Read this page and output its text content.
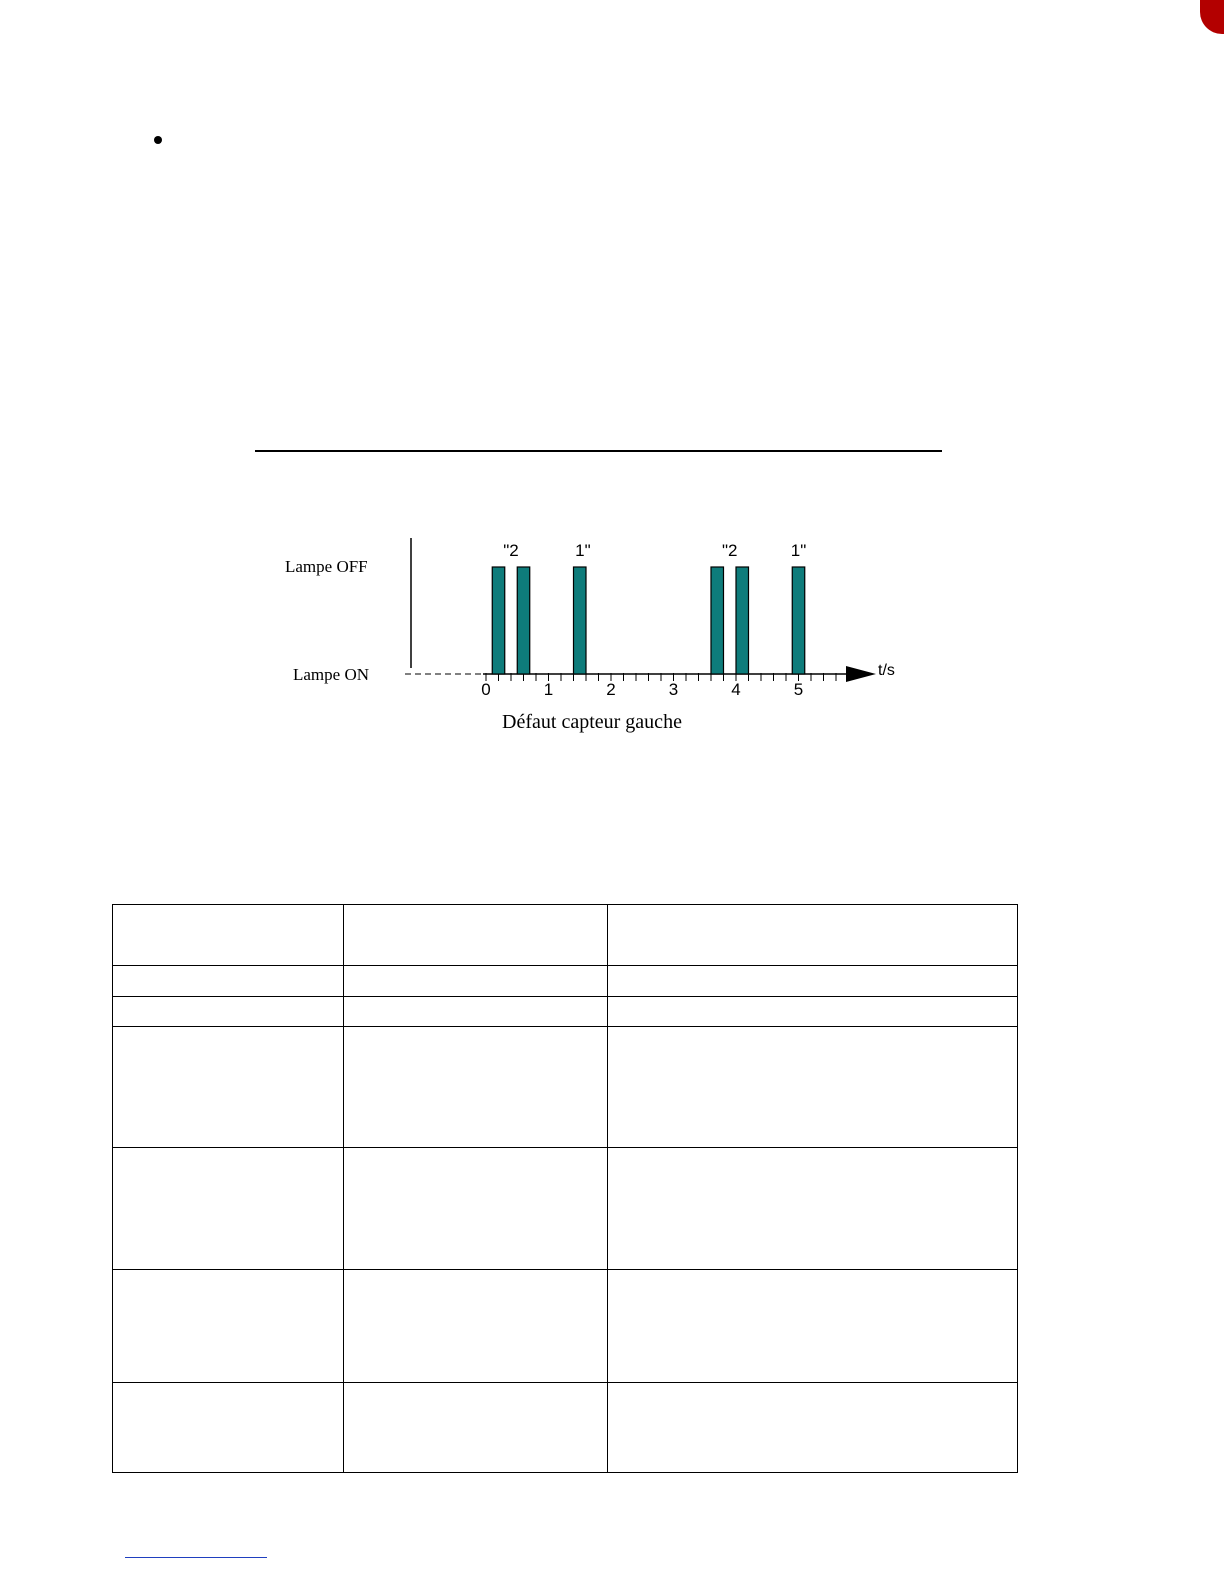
Lampe OFF
Lampe ON	t/s
0	1	2	3	4	5
"2	1"	"2	1"
Défaut capteur gauche
